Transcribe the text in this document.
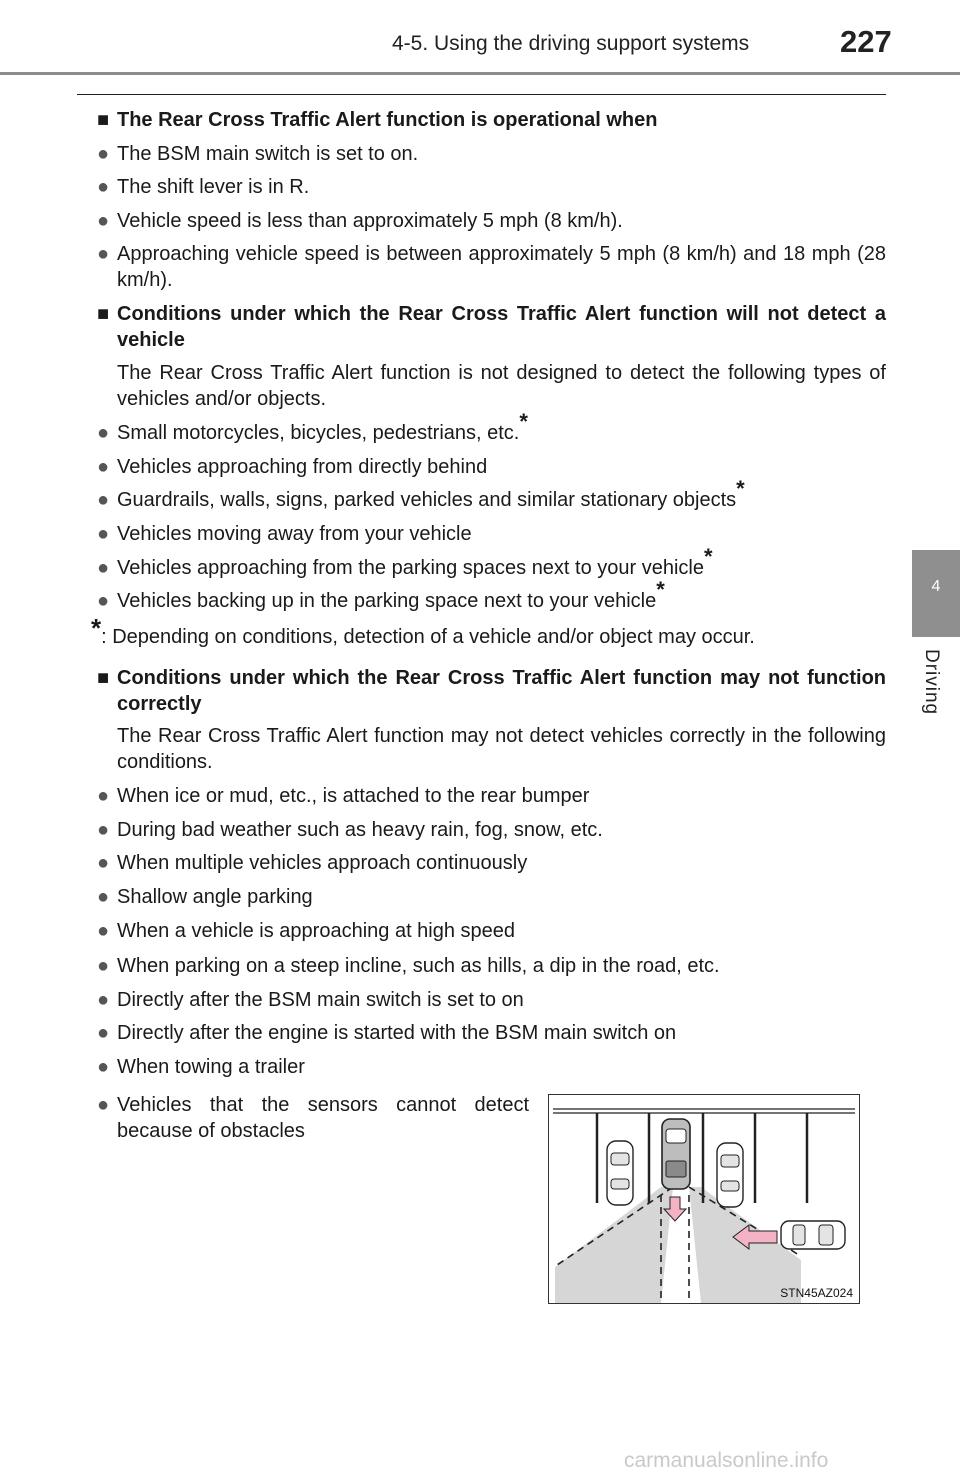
4-5. Using the driving support systems	227
4
Driving
■ The Rear Cross Traffic Alert function is operational when
● The BSM main switch is set to on.
● The shift lever is in R.
● Vehicle speed is less than approximately 5 mph (8 km/h).
● Approaching vehicle speed is between approximately 5 mph (8 km/h) and 18 mph (28 km/h).
■ Conditions under which the Rear Cross Traffic Alert function will not detect a vehicle
The Rear Cross Traffic Alert function is not designed to detect the following types of vehicles and/or objects.
● Small motorcycles, bicycles, pedestrians, etc.*
● Vehicles approaching from directly behind
● Guardrails, walls, signs, parked vehicles and similar stationary objects*
● Vehicles moving away from your vehicle
● Vehicles approaching from the parking spaces next to your vehicle*
● Vehicles backing up in the parking space next to your vehicle*
*: Depending on conditions, detection of a vehicle and/or object may occur.
■ Conditions under which the Rear Cross Traffic Alert function may not function correctly
The Rear Cross Traffic Alert function may not detect vehicles correctly in the following conditions.
● When ice or mud, etc., is attached to the rear bumper
● During bad weather such as heavy rain, fog, snow, etc.
● When multiple vehicles approach continuously
● Shallow angle parking
● When a vehicle is approaching at high speed
● When parking on a steep incline, such as hills, a dip in the road, etc.
● Directly after the BSM main switch is set to on
● Directly after the engine is started with the BSM main switch on
● When towing a trailer
● Vehicles that the sensors cannot detect because of obstacles
STN45AZ024
carmanualsonline.info
